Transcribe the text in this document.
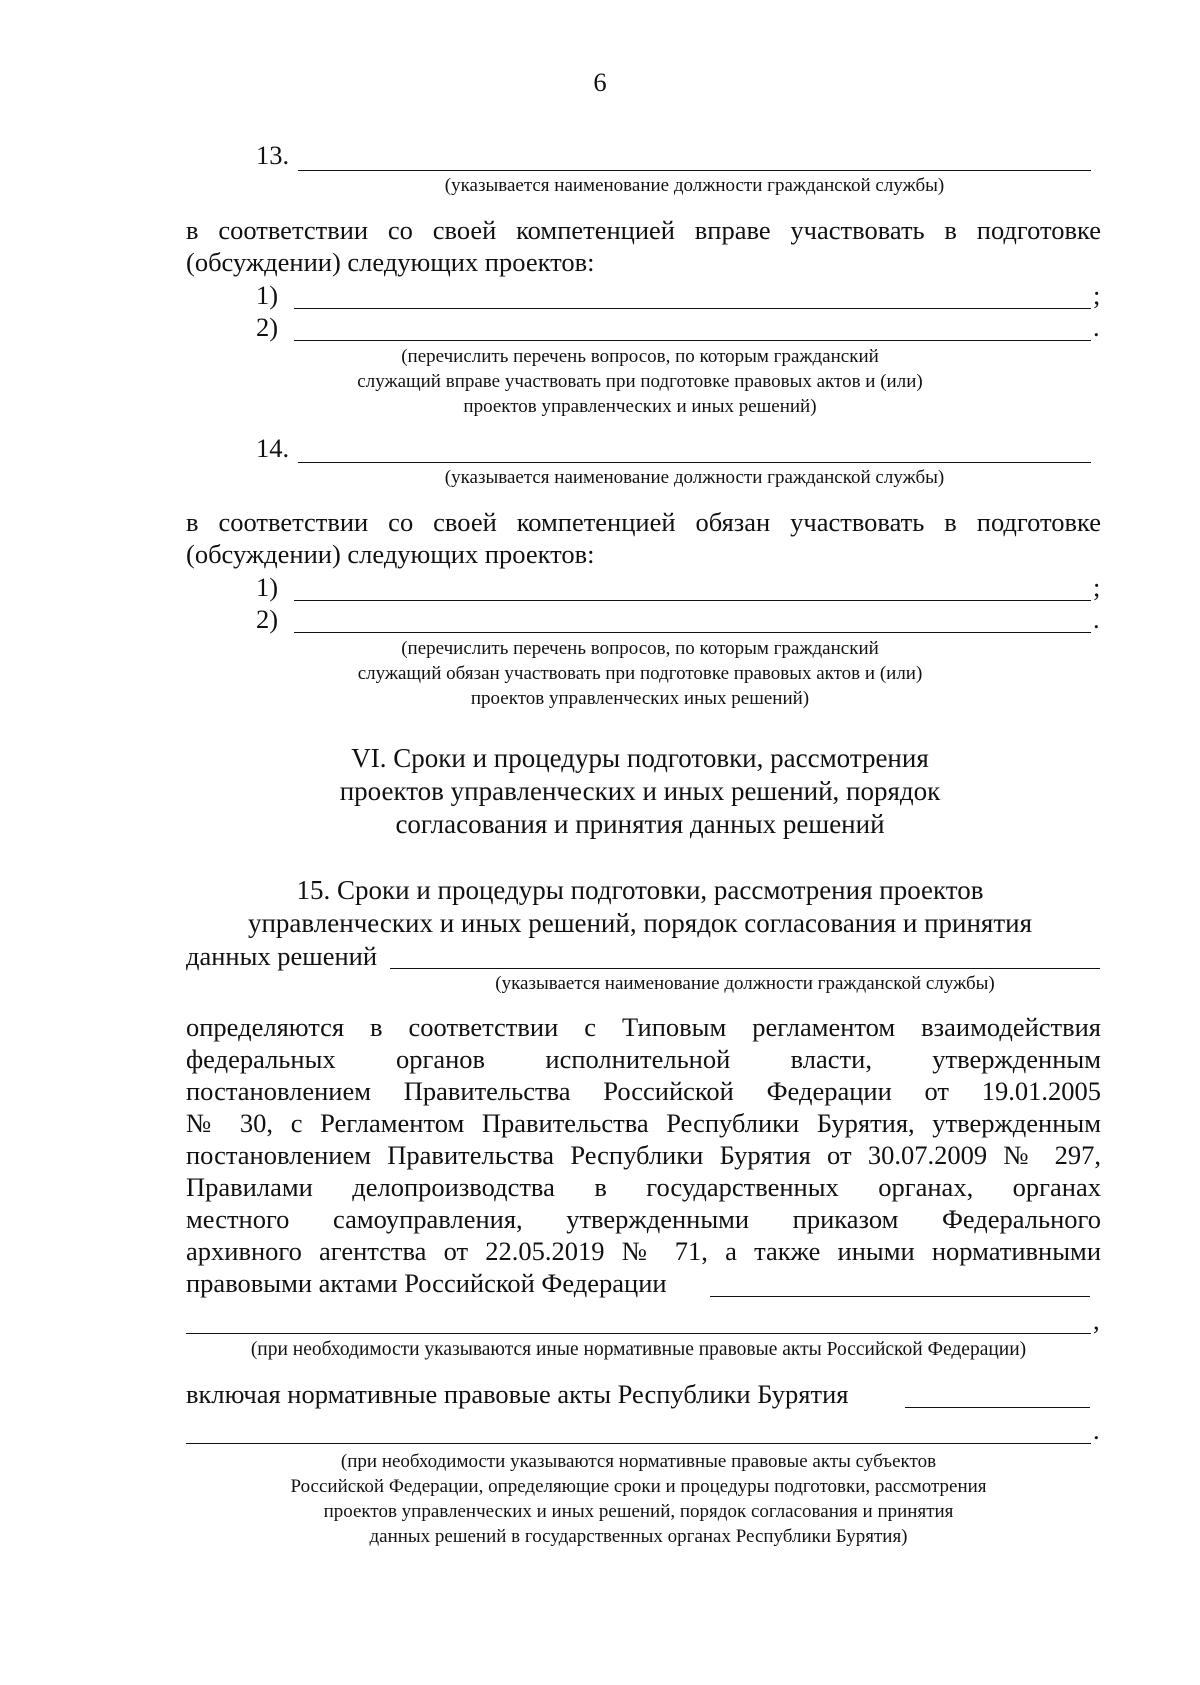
6
13.
(указывается наименование должности гражданской службы)
в соответствии со своей компетенцией вправе участвовать в подготовке
(обсуждении) следующих проектов:
1)	;
2)	.
(перечислить перечень вопросов, по которым гражданский
служащий вправе участвовать при подготовке правовых актов и (или)
проектов управленческих и иных решений)
14.
(указывается наименование должности гражданской службы)
в соответствии со своей компетенцией обязан участвовать в подготовке
(обсуждении) следующих проектов:
1)	;
2)	.
(перечислить перечень вопросов, по которым гражданский
служащий обязан участвовать при подготовке правовых актов и (или)
проектов управленческих иных решений)
VI. Сроки и процедуры подготовки, рассмотрения
проектов управленческих и иных решений, порядок
согласования и принятия данных решений
15. Сроки и процедуры подготовки, рассмотрения проектов
управленческих и иных решений, порядок согласования и принятия
данных решений
(указывается наименование должности гражданской службы)
определяются в соответствии с Типовым регламентом взаимодействия
федеральных органов исполнительной власти, утвержденным
постановлением Правительства Российской Федерации от 19.01.2005
№ 30, с Регламентом Правительства Республики Бурятия, утвержденным
постановлением Правительства Республики Бурятия от 30.07.2009 № 297,
Правилами делопроизводства в государственных органах, органах
местного самоуправления, утвержденными приказом Федерального
архивного агентства от 22.05.2019 № 71, а также иными нормативными
правовыми актами Российской Федерации
,
(при необходимости указываются иные нормативные правовые акты Российской Федерации)
включая нормативные правовые акты Республики Бурятия
.
(при необходимости указываются нормативные правовые акты субъектов
Российской Федерации, определяющие сроки и процедуры подготовки, рассмотрения
проектов управленческих и иных решений, порядок согласования и принятия
данных решений в государственных органах Республики Бурятия)
